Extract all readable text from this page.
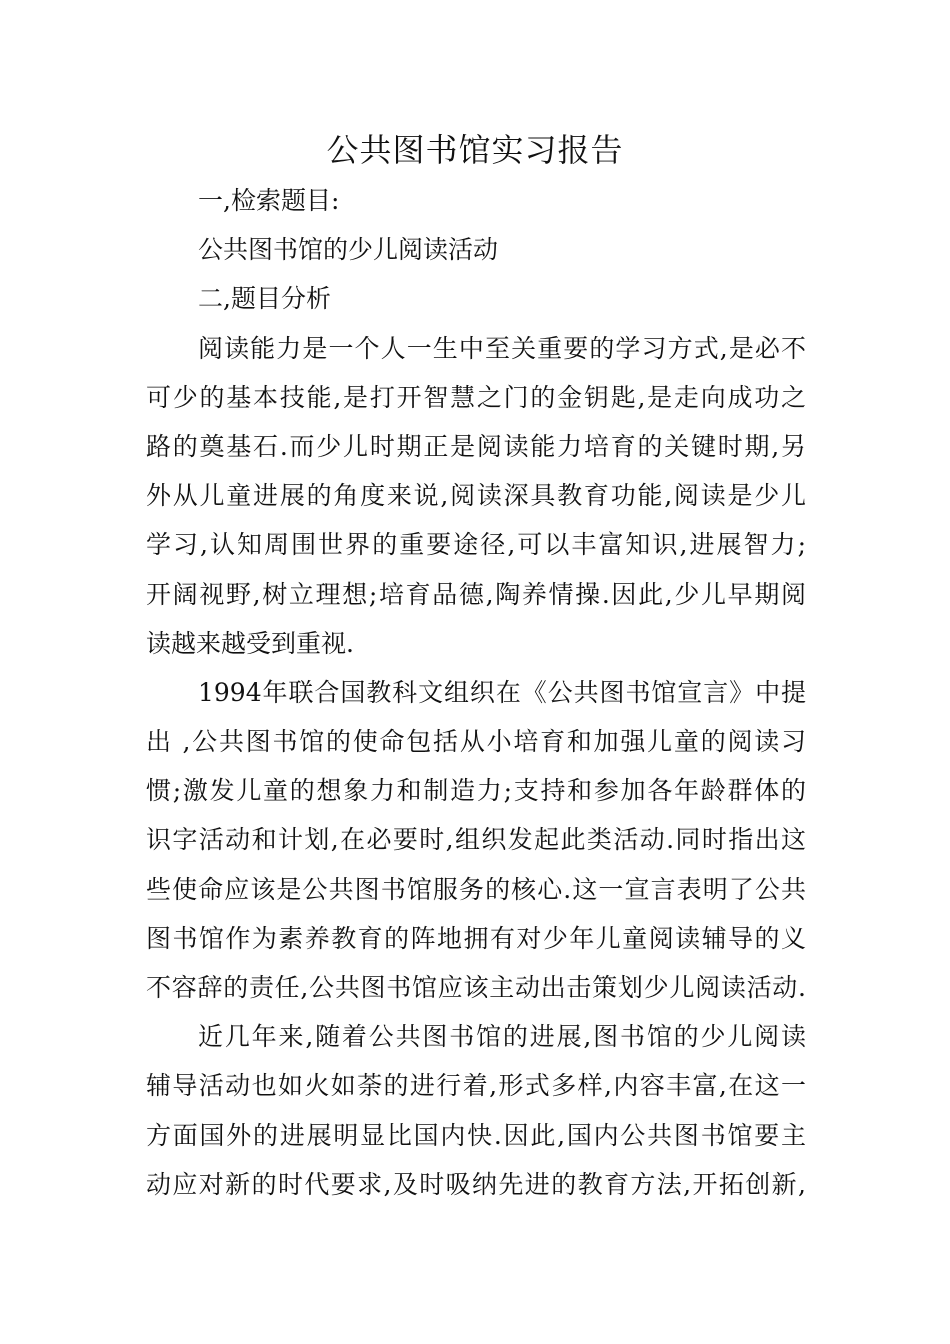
公共图书馆实习报告

一,检索题目:

公共图书馆的少儿阅读活动

二,题目分析

阅读能力是一个人一生中至关重要的学习方式,是必不

可少的基本技能,是打开智慧之门的金钥匙,是走向成功之

路的奠基石.而少儿时期正是阅读能力培育的关键时期,另

外从儿童进展的角度来说,阅读深具教育功能,阅读是少儿

学习,认知周围世界的重要途径,可以丰富知识,进展智力;

开阔视野,树立理想;培育品德,陶养情操.因此,少儿早期阅

读越来越受到重视.

1994年联合国教科文组织在《公共图书馆宣言》中提

出 ,公共图书馆的使命包括从小培育和加强儿童的阅读习

惯;激发儿童的想象力和制造力;支持和参加各年龄群体的

识字活动和计划,在必要时,组织发起此类活动.同时指出这

些使命应该是公共图书馆服务的核心.这一宣言表明了公共

图书馆作为素养教育的阵地拥有对少年儿童阅读辅导的义

不容辞的责任,公共图书馆应该主动出击策划少儿阅读活动.

近几年来,随着公共图书馆的进展,图书馆的少儿阅读

辅导活动也如火如荼的进行着,形式多样,内容丰富,在这一

方面国外的进展明显比国内快.因此,国内公共图书馆要主

动应对新的时代要求,及时吸纳先进的教育方法,开拓创新,
